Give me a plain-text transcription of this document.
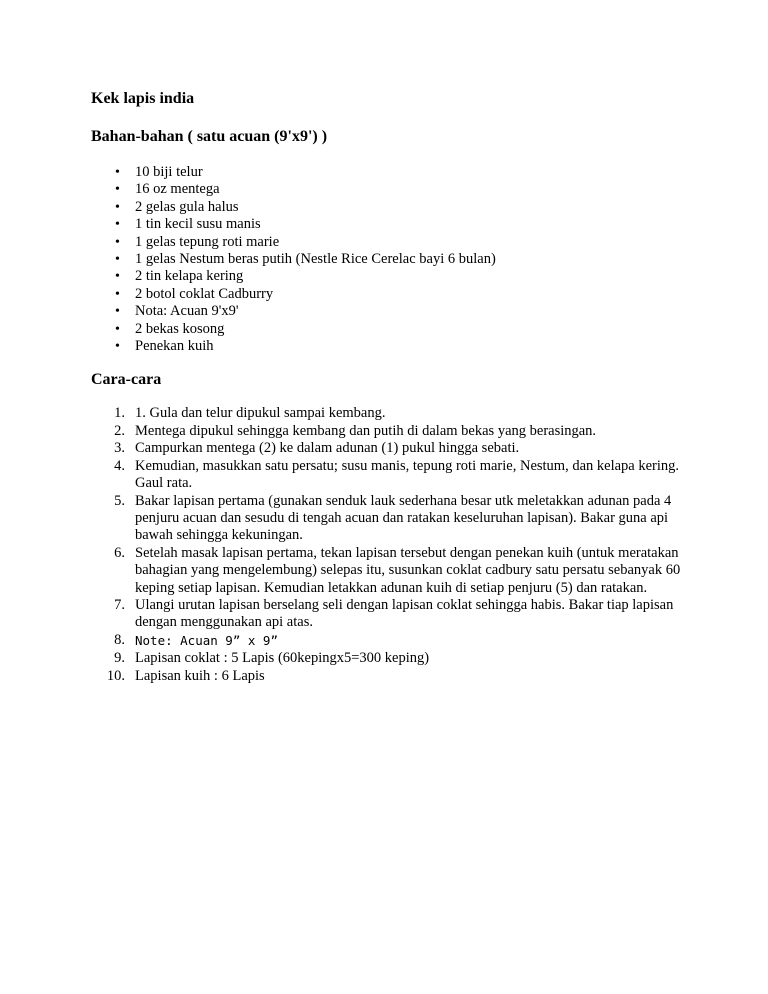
Kek lapis india
Bahan-bahan ( satu acuan (9'x9') )
• 10 biji telur
• 16 oz mentega
• 2 gelas gula halus
• 1 tin kecil susu manis
• 1 gelas tepung roti marie
• 1 gelas Nestum beras putih (Nestle Rice Cerelac bayi 6 bulan)
• 2 tin kelapa kering
• 2 botol coklat Cadburry
• Nota: Acuan 9'x9'
• 2 bekas kosong
• Penekan kuih
Cara-cara
1. 1. Gula dan telur dipukul sampai kembang.
2. Mentega dipukul sehingga kembang dan putih di dalam bekas yang berasingan.
3. Campurkan mentega (2) ke dalam adunan (1) pukul hingga sebati.
4. Kemudian, masukkan satu persatu; susu manis, tepung roti marie, Nestum, dan kelapa kering. Gaul rata.
5. Bakar lapisan pertama (gunakan senduk lauk sederhana besar utk meletakkan adunan pada 4 penjuru acuan dan sesudu di tengah acuan dan ratakan keseluruhan lapisan). Bakar guna api bawah sehingga kekuningan.
6. Setelah masak lapisan pertama, tekan lapisan tersebut dengan penekan kuih (untuk meratakan bahagian yang mengelembung) selepas itu, susunkan coklat cadbury satu persatu sebanyak 60 keping setiap lapisan. Kemudian letakkan adunan kuih di setiap penjuru (5) dan ratakan.
7. Ulangi urutan lapisan berselang seli dengan lapisan coklat sehingga habis. Bakar tiap lapisan dengan menggunakan api atas.
8. Note: Acuan 9” x 9”
9. Lapisan coklat : 5 Lapis (60kepingx5=300 keping)
10. Lapisan kuih : 6 Lapis
